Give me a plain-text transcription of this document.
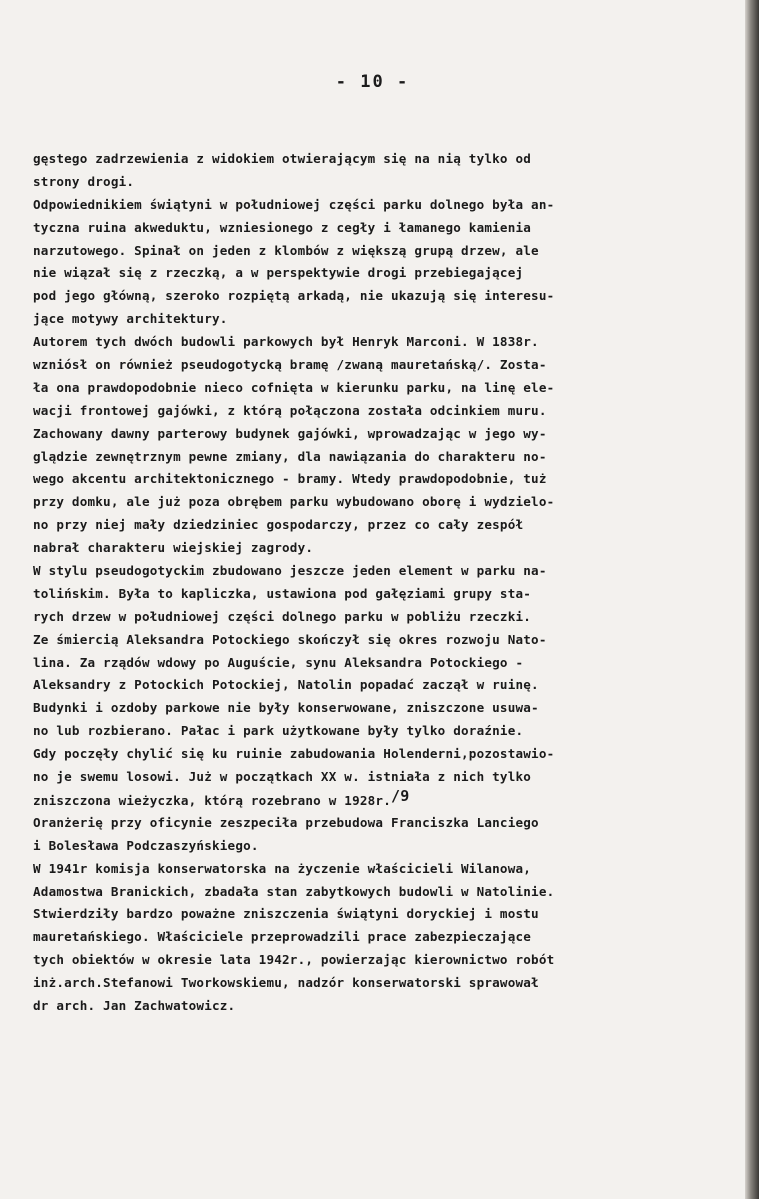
- 10 -
gęstego zadrzewienia z widokiem otwierającym się na nią tylko od
strony drogi.
Odpowiednikiem świątyni w południowej części parku dolnego była an-
tyczna ruina akweduktu, wzniesionego z cegły i łamanego kamienia
narzutowego. Spinał on jeden z klombów z większą grupą drzew, ale
nie wiązał się z rzeczką, a w perspektywie drogi przebiegającej
pod jego główną, szeroko rozpiętą arkadą, nie ukazują się interesu-
jące motywy architektury.
Autorem tych dwóch budowli parkowych był Henryk Marconi. W 1838r.
wzniósł on również pseudogotycką bramę /zwaną mauretańską/. Zosta-
ła ona prawdopodobnie nieco cofnięta w kierunku parku, na linę ele-
wacji frontowej gajówki, z którą połączona została odcinkiem muru.
Zachowany dawny parterowy budynek gajówki, wprowadzając w jego wy-
glądzie zewnętrznym pewne zmiany, dla nawiązania do charakteru no-
wego akcentu architektonicznego - bramy. Wtedy prawdopodobnie, tuż
przy domku, ale już poza obrębem parku wybudowano oborę i wydzielo-
no przy niej mały dziedziniec gospodarczy, przez co cały zespół
nabrał charakteru wiejskiej zagrody.
W stylu pseudogotyckim zbudowano jeszcze jeden element w parku na-
tolińskim. Była to kapliczka, ustawiona pod gałęziami grupy sta-
rych drzew w południowej części dolnego parku w pobliżu rzeczki.
Ze śmiercią Aleksandra Potockiego skończył się okres rozwoju Nato-
lina. Za rządów wdowy po Auguście, synu Aleksandra Potockiego -
Aleksandry z Potockich Potockiej, Natolin popadać zaczął w ruinę.
Budynki i ozdoby parkowe nie były konserwowane, zniszczone usuwa-
no lub rozbierano. Pałac i park użytkowane były tylko doraźnie.
Gdy poczęły chylić się ku ruinie zabudowania Holenderni,pozostawio-
no je swemu losowi. Już w początkach XX w. istniała z nich tylko
zniszczona wieżyczka, którą rozebrano w 1928r./9
Oranżerię przy oficynie zeszpeciła przebudowa Franciszka Lanciego
i Bolesława Podczaszyńskiego.
W 1941r komisja konserwatorska na życzenie właścicieli Wilanowa,
Adamostwa Branickich, zbadała stan zabytkowych budowli w Natolinie.
Stwierdziły bardzo poważne zniszczenia świątyni doryckiej i mostu
mauretańskiego. Właściciele przeprowadzili prace zabezpieczające
tych obiektów w okresie lata 1942r., powierzając kierownictwo robót
inż.arch.Stefanowi Tworkowskiemu, nadzór konserwatorski sprawował
dr arch. Jan Zachwatowicz.
